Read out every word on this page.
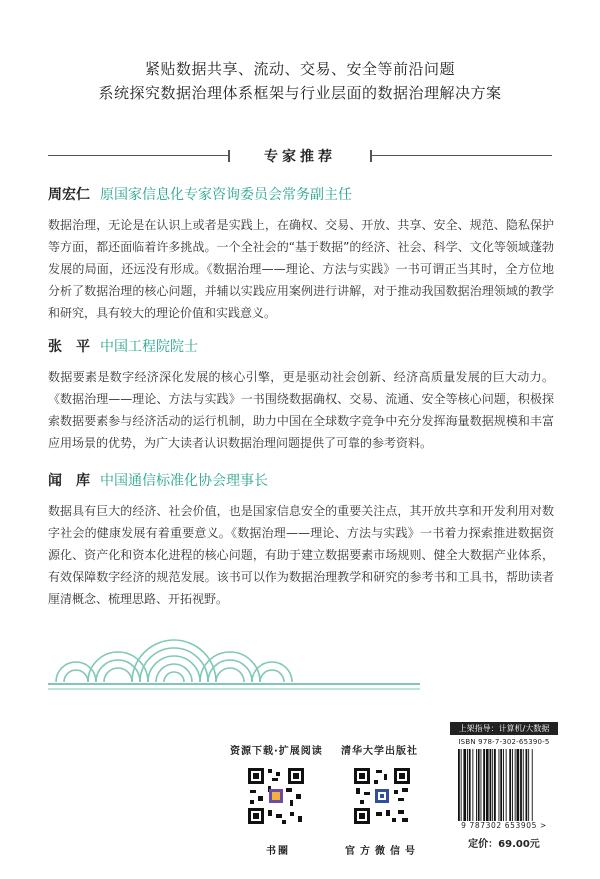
紧贴数据共享、流动、交易、安全等前沿问题
系统探究数据治理体系框架与行业层面的数据治理解决方案
专家推荐
周宏仁 原国家信息化专家咨询委员会常务副主任
数据治理，无论是在认识上或者是实践上，在确权、交易、开放、共享、安全、规范、隐私保护等方面，都还面临着许多挑战。一个全社会的“基于数据”的经济、社会、科学、文化等领域蓬勃发展的局面，还远没有形成。《数据治理——理论、方法与实践》一书可谓正当其时，全方位地分析了数据治理的核心问题，并辅以实践应用案例进行讲解，对于推动我国数据治理领域的教学和研究，具有较大的理论价值和实践意义。
张　平 中国工程院院士
数据要素是数字经济深化发展的核心引擎，更是驱动社会创新、经济高质量发展的巨大动力。《数据治理——理论、方法与实践》一书围绕数据确权、交易、流通、安全等核心问题，积极探索数据要素参与经济活动的运行机制，助力中国在全球数字竞争中充分发挥海量数据规模和丰富应用场景的优势，为广大读者认识数据治理问题提供了可靠的参考资料。
闻　库 中国通信标准化协会理事长
数据具有巨大的经济、社会价值，也是国家信息安全的重要关注点，其开放共享和开发利用对数字社会的健康发展有着重要意义。《数据治理——理论、方法与实践》一书着力探索推进数据资源化、资产化和资本化进程的核心问题，有助于建立数据要素市场规则、健全大数据产业体系，有效保障数字经济的规范发展。该书可以作为数据治理教学和研究的参考书和工具书，帮助读者厘清概念、梳理思路、开拓视野。
资源下载·扩展阅读 清华大学出版社
书圈	官方微信号
上架指导：计算机/大数据
ISBN 978-7-302-65390-5
9 787302 653905 >
定价：69.00元
